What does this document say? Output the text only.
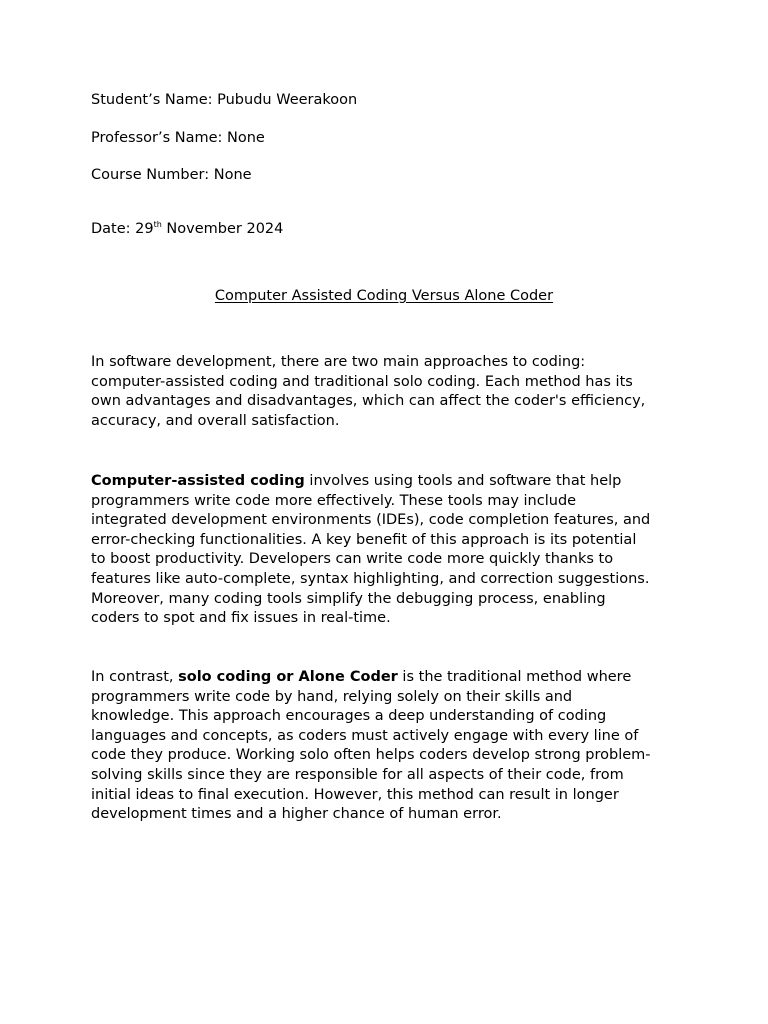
Student’s Name: Pubudu Weerakoon

Professor’s Name: None

Course Number: None

Date: 29th November 2024

Computer Assisted Coding Versus Alone Coder

In software development, there are two main approaches to coding:
computer-assisted coding and traditional solo coding. Each method has its
own advantages and disadvantages, which can affect the coder's efficiency,
accuracy, and overall satisfaction.
Computer-assisted coding involves using tools and software that help
programmers write code more effectively. These tools may include
integrated development environments (IDEs), code completion features, and
error-checking functionalities. A key benefit of this approach is its potential
to boost productivity. Developers can write code more quickly thanks to
features like auto-complete, syntax highlighting, and correction suggestions.
Moreover, many coding tools simplify the debugging process, enabling
coders to spot and fix issues in real-time.
In contrast, solo coding or Alone Coder is the traditional method where
programmers write code by hand, relying solely on their skills and
knowledge. This approach encourages a deep understanding of coding
languages and concepts, as coders must actively engage with every line of
code they produce. Working solo often helps coders develop strong problem-
solving skills since they are responsible for all aspects of their code, from
initial ideas to final execution. However, this method can result in longer
development times and a higher chance of human error.
